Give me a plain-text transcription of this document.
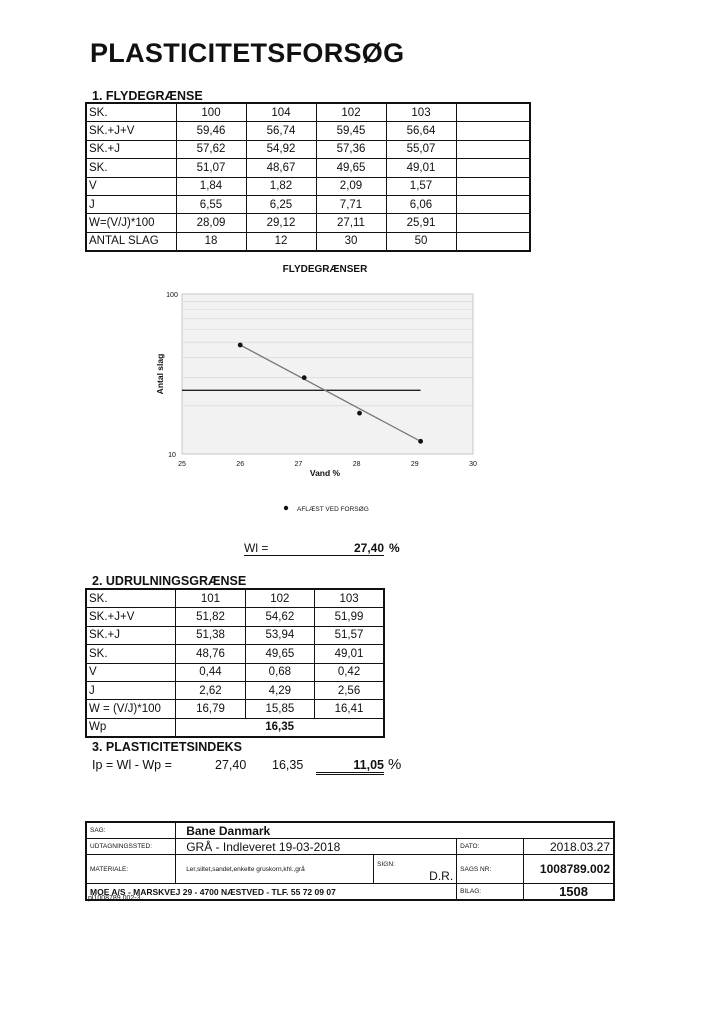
PLASTICITETSFORSØG
1. FLYDEGRÆNSE
SK.	100	104	102	103	
SK.+J+V	59,46	56,74	59,45	56,64	
SK.+J	57,62	54,92	57,36	55,07	
SK.	51,07	48,67	49,65	49,01	
V	1,84	1,82	2,09	1,57	
J	6,55	6,25	7,71	6,06	
W=(V/J)*100	28,09	29,12	27,11	25,91	
ANTAL SLAG	18	12	30	50	
FLYDEGRÆNSER
25	26	27	28	29	30
100
10
Vand %
Antal slag
AFLÆST VED FORSØG
Wl =	27,40 %
2. UDRULNINGSGRÆNSE
SK.	101	102	103
SK.+J+V	51,82	54,62	51,99
SK.+J	51,38	53,94	51,57
SK.	48,76	49,65	49,01
V	0,44	0,68	0,42
J	2,62	4,29	2,56
W = (V/J)*100	16,79	15,85	16,41
Wp	16,35		
3. PLASTICITETSINDEKS
Ip = Wl - Wp =	27,40 16,35	11,05 %
SAG:	Bane Danmark			
UDTAGNINGSSTED:	GRÅ - Indleveret 19-03-2018		DATO:	2018.03.27
MATERIALE:	Ler,siltet,sandet,enkelte gruskorn,khl.,grå	SIGN: D.R.	SAGS NR:	1008789.002
MOE A/S - MARSKVEJ 29 - 4700 NÆSTVED - TLF. 55 72 09 07			BILAG:	1508
pl1008789.002-3
